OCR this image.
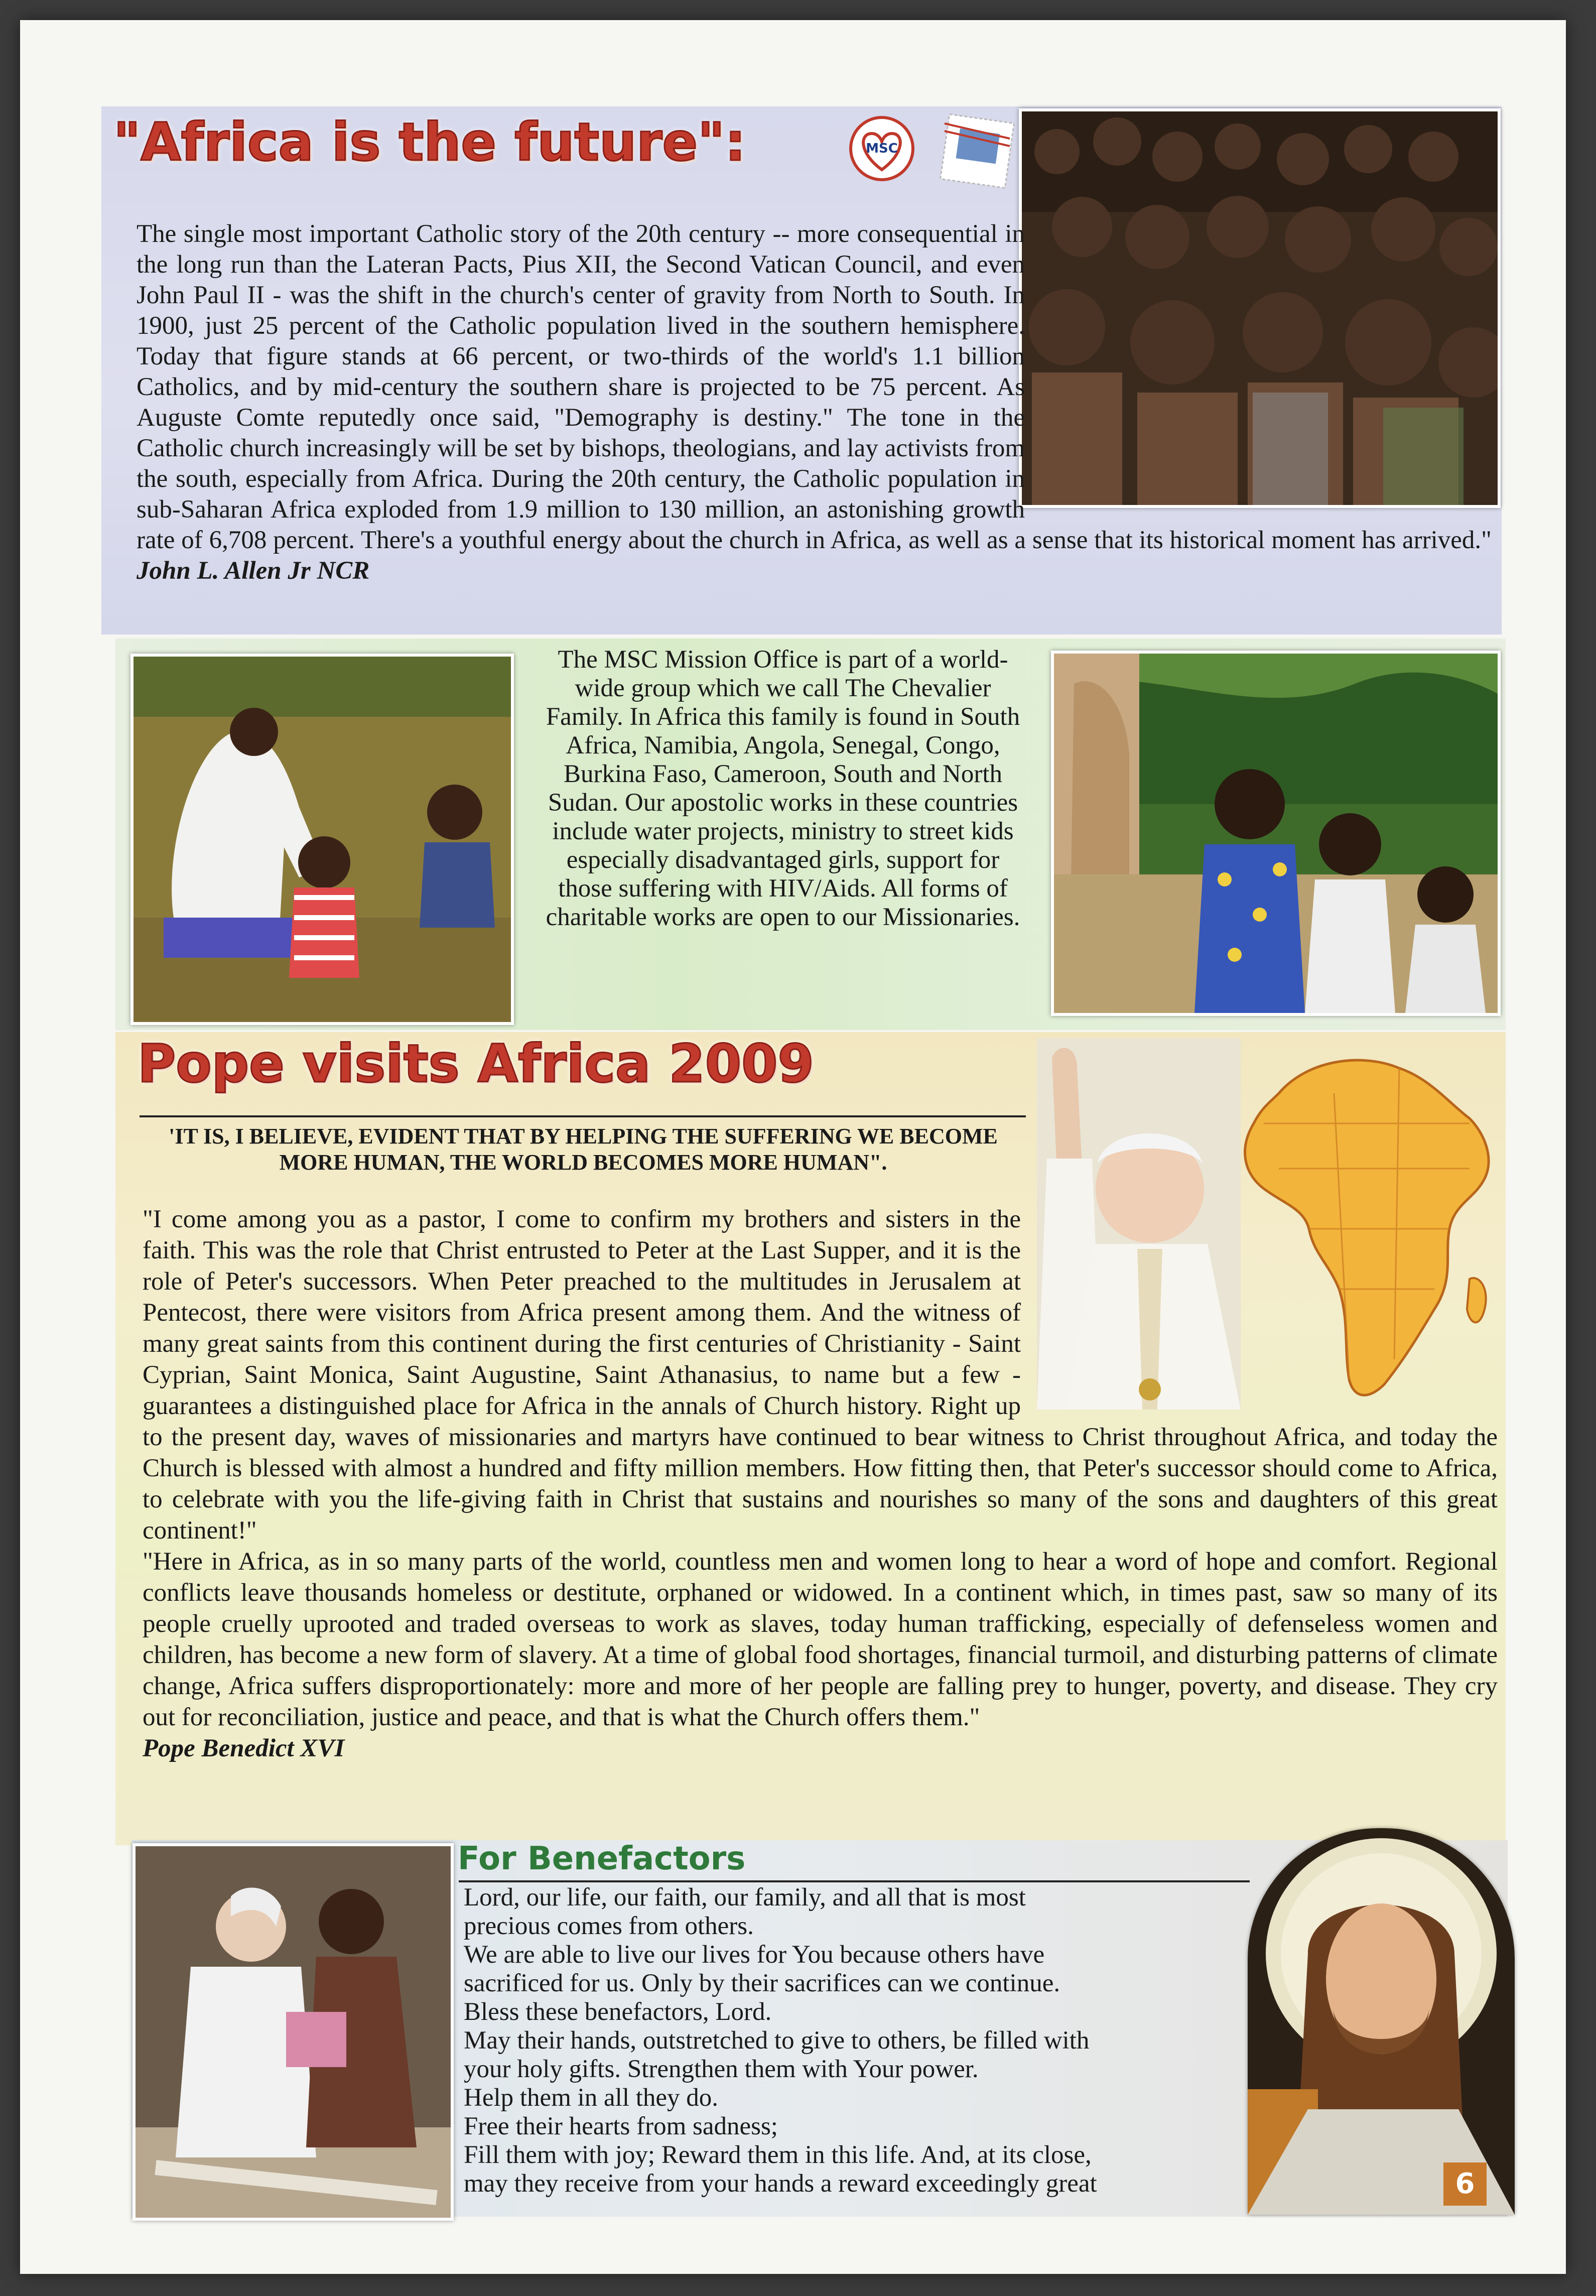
"Africa is the future":	MSC

The single most important Catholic story of the 20th century -- more consequential in the long run than the Lateran Pacts, Pius XII, the Second Vatican Council, and even John Paul II - was the shift in the church's center of gravity from North to South. In 1900, just 25 percent of the Catholic population lived in the southern hemisphere. Today that figure stands at 66 percent, or two-thirds of the world's 1.1 billion Catholics, and by mid-century the southern share is projected to be 75 percent. As Auguste Comte reputedly once said, "Demography is destiny." The tone in the Catholic church increasingly will be set by bishops, theologians, and lay activists from the south, especially from Africa. During the 20th century, the Catholic population in sub-Saharan Africa exploded from 1.9 million to 130 million, an astonishing growth rate of 6,708 percent. There's a youthful energy about the church in Africa, as well as a sense that its historical moment has arrived." John L. Allen Jr NCR

The MSC Mission Office is part of a world-wide group which we call The Chevalier Family. In Africa this family is found in South Africa, Namibia, Angola, Senegal, Congo, Burkina Faso, Cameroon, South and North Sudan. Our apostolic works in these countries include water projects, ministry to street kids especially disadvantaged girls, support for those suffering with HIV/Aids. All forms of charitable works are open to our Missionaries.
Pope visits Africa 2009
'IT IS, I BELIEVE, EVIDENT THAT BY HELPING THE SUFFERING WE BECOME MORE HUMAN, THE WORLD BECOMES MORE HUMAN".

"I come among you as a pastor, I come to confirm my brothers and sisters in the faith. This was the role that Christ entrusted to Peter at the Last Supper, and it is the role of Peter's successors. When Peter preached to the multitudes in Jerusalem at Pentecost, there were visitors from Africa present among them. And the witness of many great saints from this continent during the first centuries of Christianity - Saint Cyprian, Saint Monica, Saint Augustine, Saint Athanasius, to name but a few - guarantees a distinguished place for Africa in the annals of Church history. Right up to the present day, waves of missionaries and martyrs have continued to bear witness to Christ throughout Africa, and today the Church is blessed with almost a hundred and fifty million members. How fitting then, that Peter's successor should come to Africa, to celebrate with you the life-giving faith in Christ that sustains and nourishes so many of the sons and daughters of this great continent!"

"Here in Africa, as in so many parts of the world, countless men and women long to hear a word of hope and comfort. Regional conflicts leave thousands homeless or destitute, orphaned or widowed. In a continent which, in times past, saw so many of its people cruelly uprooted and traded overseas to work as slaves, today human trafficking, especially of defenseless women and children, has become a new form of slavery. At a time of global food shortages, financial turmoil, and disturbing patterns of climate change, Africa suffers disproportionately: more and more of her people are falling prey to hunger, poverty, and disease. They cry out for reconciliation, justice and peace, and that is what the Church offers them."

Pope Benedict XVI

For Benefactors
Lord, our life, our faith, our family, and all that is most
precious comes from others.
We are able to live our lives for You because others have
sacrificed for us. Only by their sacrifices can we continue.
Bless these benefactors, Lord.
May their hands, outstretched to give to others, be filled with
your holy gifts. Strengthen them with Your power.
Help them in all they do.
Free their hearts from sadness;
Fill them with joy; Reward them in this life. And, at its close,
may they receive from your hands a reward exceedingly great	6
